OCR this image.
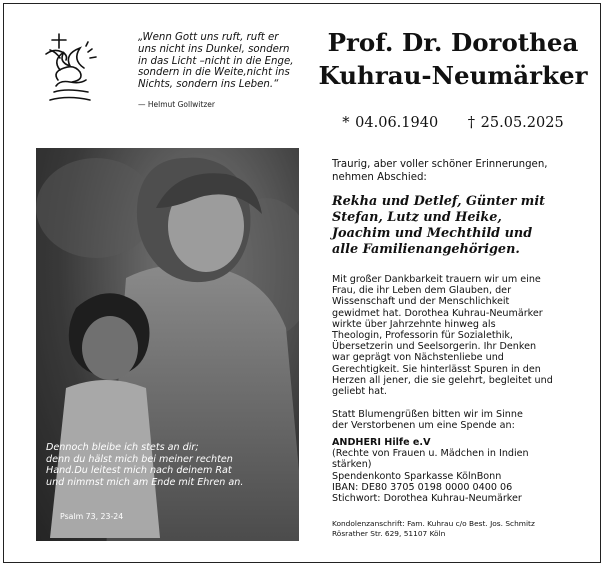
„Wenn Gott uns ruft, ruft er
uns nicht ins Dunkel, sondern
in das Licht –nicht in die Enge,
sondern in die Weite,nicht ins
Nichts, sondern ins Leben.“
— Helmut Gollwitzer
Prof. Dr. Dorothea
Kuhrau-Neumärker
* 04.06.1940 † 25.05.2025
Dennoch bleibe ich stets an dir;
denn du hälst mich bei meiner rechten
Hand.Du leitest mich nach deinem Rat
und nimmst mich am Ende mit Ehren an.
Psalm 73, 23-24
Traurig, aber voller schöner Erinnerungen,
nehmen Abschied:
Rekha und Detlef, Günter mit
Stefan, Lutz und Heike,
Joachim und Mechthild und
alle Familienangehörigen.
Mit großer Dankbarkeit trauern wir um eine
Frau, die ihr Leben dem Glauben, der
Wissenschaft und der Menschlichkeit
gewidmet hat. Dorothea Kuhrau-Neumärker
wirkte über Jahrzehnte hinweg als
Theologin, Professorin für Sozialethik,
Übersetzerin und Seelsorgerin. Ihr Denken
war geprägt von Nächstenliebe und
Gerechtigkeit. Sie hinterlässt Spuren in den
Herzen all jener, die sie gelehrt, begleitet und
geliebt hat.
Statt Blumengrüßen bitten wir im Sinne
der Verstorbenen um eine Spende an:
ANDHERI Hilfe e.V
(Rechte von Frauen u. Mädchen in Indien
stärken)
Spendenkonto Sparkasse KölnBonn
IBAN: DE80 3705 0198 0000 0400 06
Stichwort: Dorothea Kuhrau-Neumärker
Kondolenzanschrift: Fam. Kuhrau c/o Best. Jos. Schmitz
Rösrather Str. 629, 51107 Köln
